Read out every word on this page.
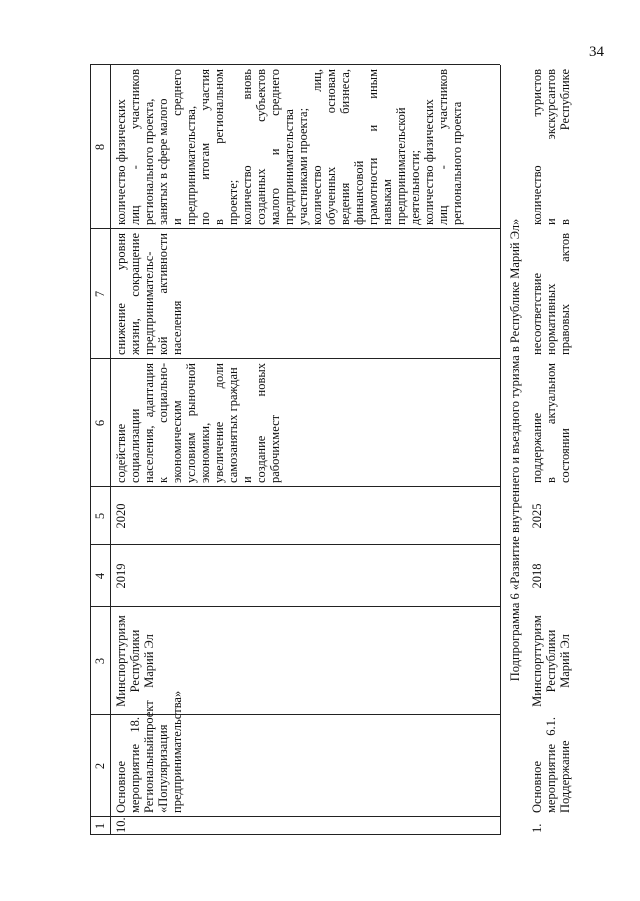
34
1
2
3
4
5
6
7
8
10.

Основное мероприятие
18.

Региональный
проект

«Популяризация предпринимательства»

Минспорттуризм Республики Марий Эл

2019
2020

содействие социализации населения,
адаптация

к
социально-

экономическим условиям
рыночной

экономики, увеличение
доли самозанятых граждан и создание
новых

рабочихмест

снижение
уровня

жизни,
сокращение предпринимательс- кой
активности

населения

количество физических лиц
-
участников регионального проекта, занятых в сфере малого и
среднего

предпринимательства, по
итогам
участия

в
региональном

проекте; количество
вновь

созданных
субъектов

малого
и
среднего

предпринимательства участниками проекта; количество
лиц,

обученных
основам

ведения
бизнеса,

финансовой грамотности
и
иным

навыкам предпринимательской деятельности; количество физических лиц
-
участников

регионального проекта

Подпрограмма 6 «Развитие внутреннего и въездного туризма в Республике Марий Эл»
1.

Основное мероприятие
6.1.

Поддержание

Минспорттуризм Республики Марий Эл

2018
2025

поддержание в
актуальном

состоянии

несоответствие нормативных правовых
актов

количество
туристов

и
экскурсантов

в
Республике
